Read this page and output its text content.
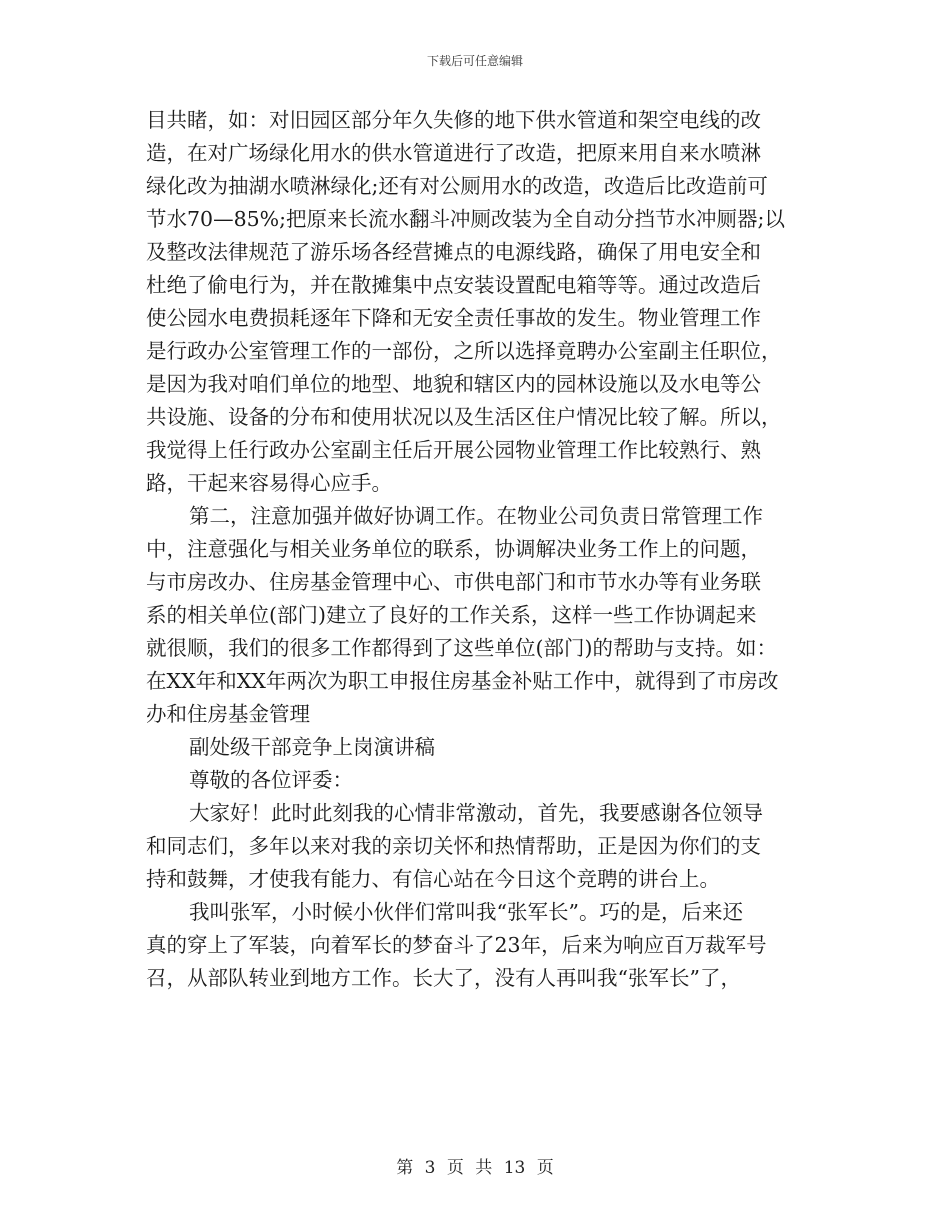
下载后可任意编辑
目共睹，如：对旧园区部分年久失修的地下供水管道和架空电线的改
造，在对广场绿化用水的供水管道进行了改造，把原来用自来水喷淋
绿化改为抽湖水喷淋绿化;还有对公厕用水的改造，改造后比改造前可
节水70—85%;把原来长流水翻斗冲厕改装为全自动分挡节水冲厕器;以
及整改法律规范了游乐场各经营摊点的电源线路，确保了用电安全和
杜绝了偷电行为，并在散摊集中点安装设置配电箱等等。通过改造后
使公园水电费损耗逐年下降和无安全责任事故的发生。物业管理工作
是行政办公室管理工作的一部份，之所以选择竟聘办公室副主任职位，
是因为我对咱们单位的地型、地貌和辖区内的园林设施以及水电等公
共设施、设备的分布和使用状况以及生活区住户情况比较了解。所以，
我觉得上任行政办公室副主任后开展公园物业管理工作比较熟行、熟
路，干起来容易得心应手。
第二，注意加强并做好协调工作。在物业公司负责日常管理工作
中，注意强化与相关业务单位的联系，协调解决业务工作上的问题，
与市房改办、住房基金管理中心、市供电部门和市节水办等有业务联
系的相关单位(部门)建立了良好的工作关系，这样一些工作协调起来
就很顺，我们的很多工作都得到了这些单位(部门)的帮助与支持。如：
在XX年和XX年两次为职工申报住房基金补贴工作中，就得到了市房改
办和住房基金管理
副处级干部竞争上岗演讲稿
尊敬的各位评委：
大家好！此时此刻我的心情非常激动，首先，我要感谢各位领导
和同志们，多年以来对我的亲切关怀和热情帮助，正是因为你们的支
持和鼓舞，才使我有能力、有信心站在今日这个竞聘的讲台上。
我叫张军，小时候小伙伴们常叫我“张军长”。巧的是，后来还
真的穿上了军装，向着军长的梦奋斗了23年，后来为响应百万裁军号
召，从部队转业到地方工作。长大了，没有人再叫我“张军长”了，
第 3 页 共 13 页
